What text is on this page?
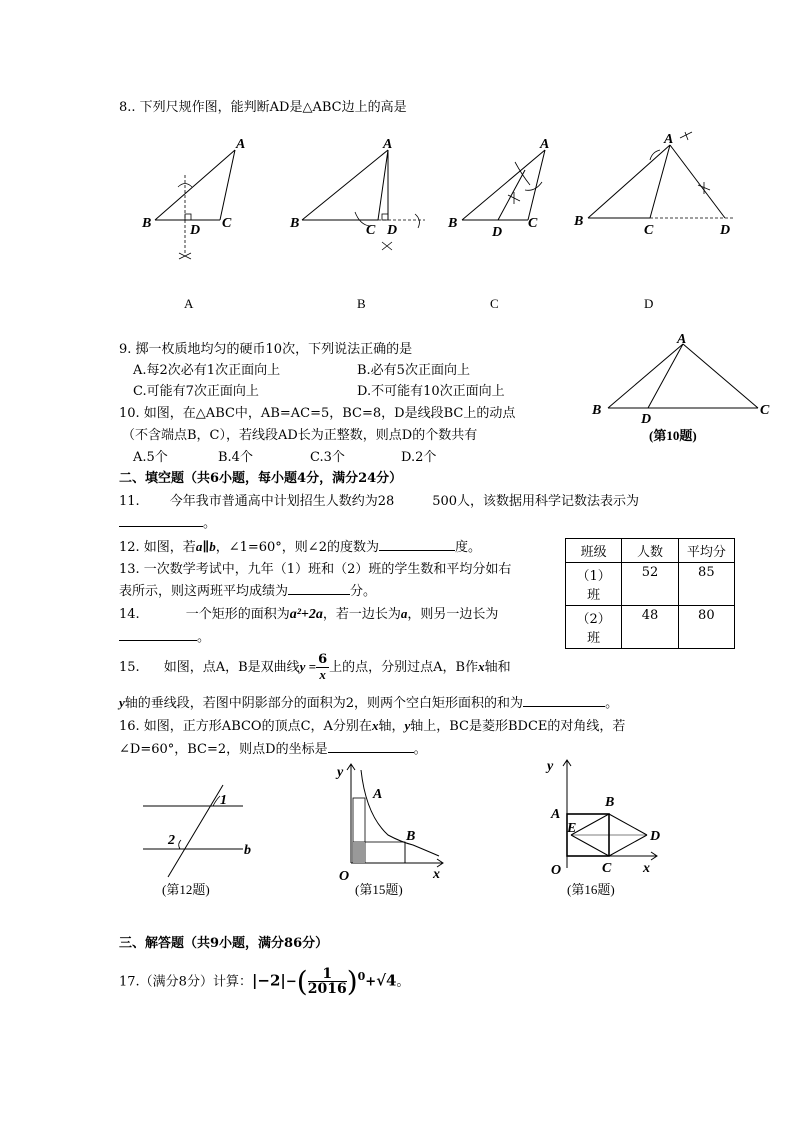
8.. 下列尺规作图，能判断AD是△ABC边上的高是
B
A
C
D	B
A
C D	B
A
C
D
B
A
C	D
A	B	C	D
9. 掷一枚质地均匀的硬币10次，下列说法正确的是
A.每2次必有1次正面向上	B.必有5次正面向上
C.可能有7次正面向上	D.不可能有10次正面向上
A
B	C
D
(第10题)
10. 如图，在△ABC中，AB=AC=5，BC=8，D是线段BC上的动点
（不含端点B，C），若线段AD长为正整数，则点D的个数共有
A.5个	B.4个	C.3个	D.2个
二、填空题（共6小题，每小题4分，满分24分）
11. 今年我市普通高中计划招生人数约为28	500人，该数据用科学记数法表示为
。
12. 如图，若a∥b，∠1=60°，则∠2的度数为	度。
13. 一次数学考试中，九年（1）班和（2）班的学生数和平均分如右
表所示，则这两班平均成绩为	分。
班级	人数	平均分
（1）
班	52	85
（2）
班	48	80
14.	一个矩形的面积为a²+2a，若一边长为a，则另一边长为
。
15. 如图，点A，B是双曲线$y = \frac{6}{x}$ 上的点，分别过点A，B作x轴和
y轴的垂线段，若图中阴影部分的面积为2，则两个空白矩形面积的和为	。
16. 如图，正方形ABCO的顶点C，A分别在x轴，y轴上，BC是菱形BDCE的对角线，若
∠D=60°，BC=2，则点D的坐标是	。
1
2
b
(第12题)
y
x
O
A
B
(第15题)
y
x
O
A
B
C
D
E
(第16题)
三、解答题（共9小题，满分86分）
17.（满分8分）计算：$|-2|-( \frac{1}{2016} )^0+√4$。
